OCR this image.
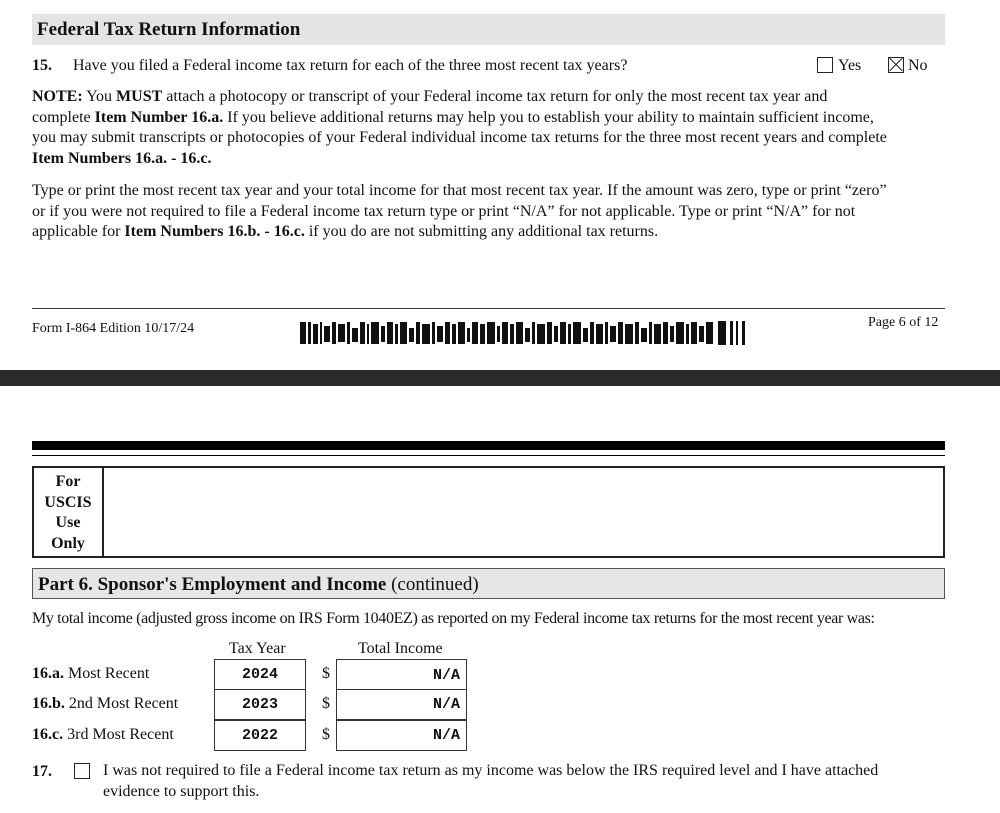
Federal Tax Return Information
15. Have you filed a Federal income tax return for each of the three most recent tax years?	Yes	No
NOTE: You MUST attach a photocopy or transcript of your Federal income tax return for only the most recent tax year and
complete Item Number 16.a. If you believe additional returns may help you to establish your ability to maintain sufficient income,
you may submit transcripts or photocopies of your Federal individual income tax returns for the three most recent years and complete
Item Numbers 16.a. - 16.c.
Type or print the most recent tax year and your total income for that most recent tax year. If the amount was zero, type or print “zero”
or if you were not required to file a Federal income tax return type or print “N/A” for not applicable. Type or print “N/A” for not
applicable for Item Numbers 16.b. - 16.c. if you do are not submitting any additional tax returns.
Form I-864 Edition 10/17/24	Page 6 of 12
For
USCIS
Use
Only
Part 6. Sponsor's Employment and Income (continued)
My total income (adjusted gross income on IRS Form 1040EZ) as reported on my Federal income tax returns for the most recent year was:
Tax Year	Total Income
16.a. Most Recent	2024	$	N/A
16.b. 2nd Most Recent	2023	$	N/A
16.c. 3rd Most Recent	2022	$	N/A
17.	I was not required to file a Federal income tax return as my income was below the IRS required level and I have attached
evidence to support this.
